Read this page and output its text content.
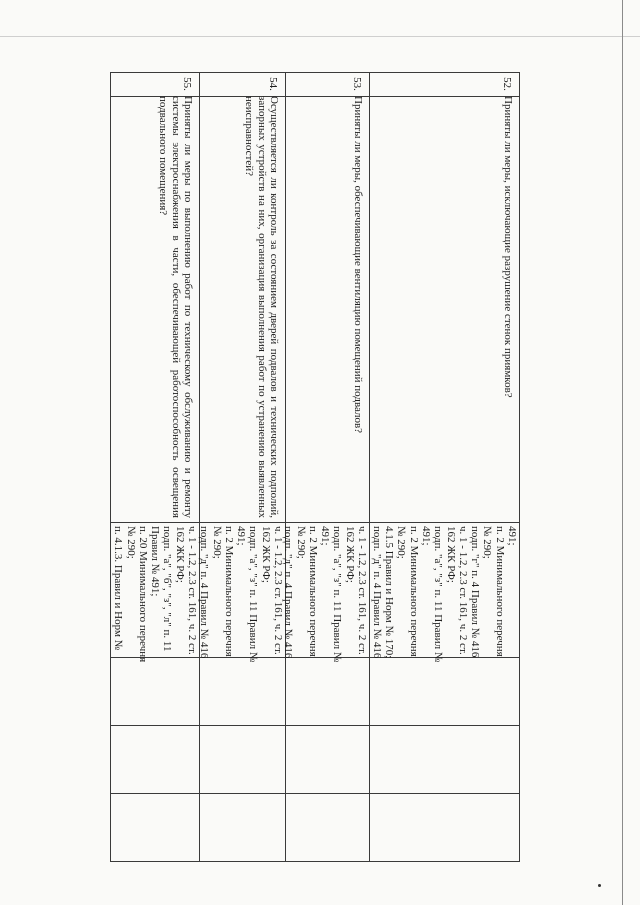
52.
Приняты ли меры, исключающие разрушение стенок приямков?
491;
п. 2 Минимального перечня
№ 290;
подп. "г" п. 4 Правил № 416
ч. 1 - 1.2, 2.3 ст. 161, ч. 2 ст.
162 ЖК РФ;
подп. "а", "з" п. 11 Правил №
491;
п. 2 Минимального перечня
№ 290;
4.1.5 Правил и Норм № 170;
подп. "д" п. 4 Правил № 416
53.
Приняты ли меры, обеспечивающие вентиляцию помещений подвалов?
ч. 1 - 1.2, 2.3 ст. 161, ч. 2 ст.
162 ЖК РФ;
подп. "а", "з" п. 11 Правил №
491;
п. 2 Минимального перечня
№ 290;
подп. "д" п. 4 Правил № 416
54.
Осуществляется ли контроль за состоянием дверей подвалов и технических подполий, запорных устройств на них, организация выполнения работ по устранению выявленных неисправностей?
ч. 1 - 1.2, 2.3 ст. 161, ч. 2 ст.
162 ЖК РФ;
подп. "а", "з" п. 11 Правил №
491;
п. 2 Минимального перечня
№ 290;
подп. "д" п. 4 Правил № 416
55.
Приняты ли меры по выполнению работ по техническому обслуживанию и ремонту системы электроснабжения в части, обеспечивающей работоспособность освещения подвального помещения?
ч. 1 - 1.2, 2.3 ст. 161, ч. 2 ст.
162 ЖК РФ;
подп. "а", "б", "з", "л" п. 11
Правил № 491;
п. 20 Минимального перечня
№ 290;
п. 4.1.3. Правил и Норм №
